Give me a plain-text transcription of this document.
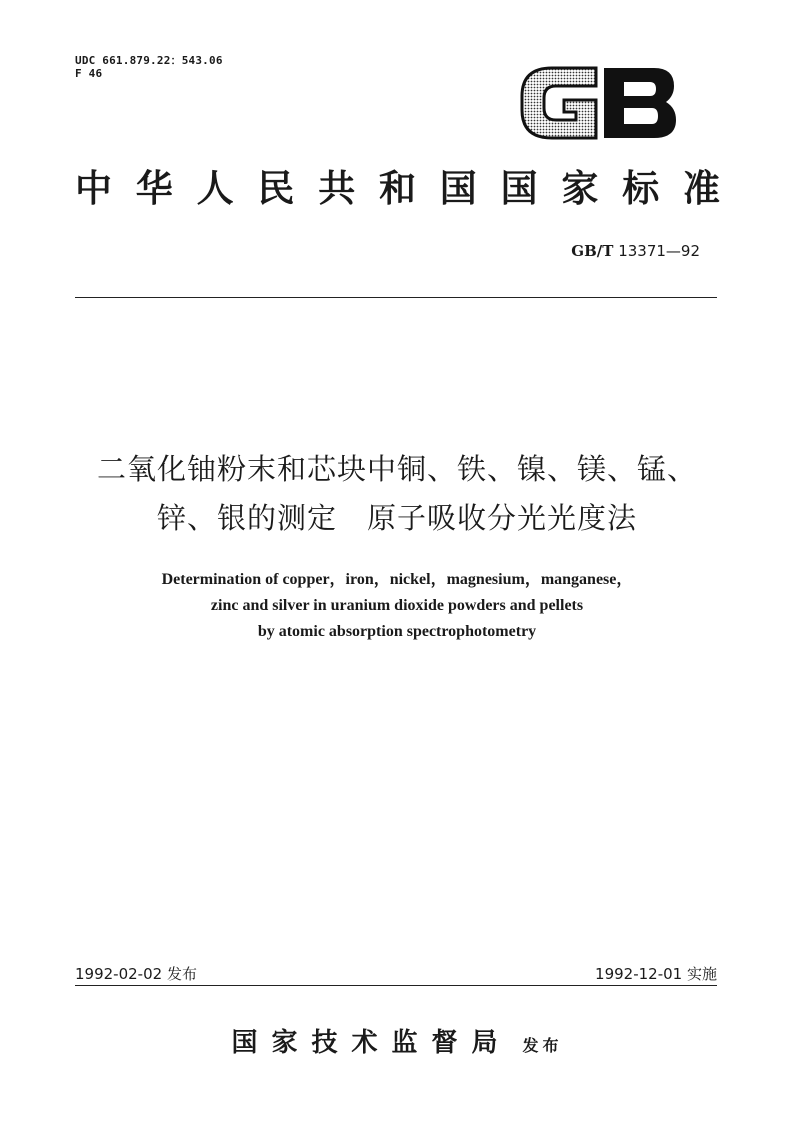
UDC 661.879.22：543.06
F 46
GB
中华人民共和国国家标准
GB/T 13371—92
二氧化铀粉末和芯块中铜、铁、镍、镁、锰、
锌、银的测定　原子吸收分光光度法
Determination of copper，iron，nickel，magnesium，manganese，
zinc and silver in uranium dioxide powders and pellets
by atomic absorption spectrophotometry
1992-02-02 发布	1992-12-01 实施
国家技术监督局 发布
